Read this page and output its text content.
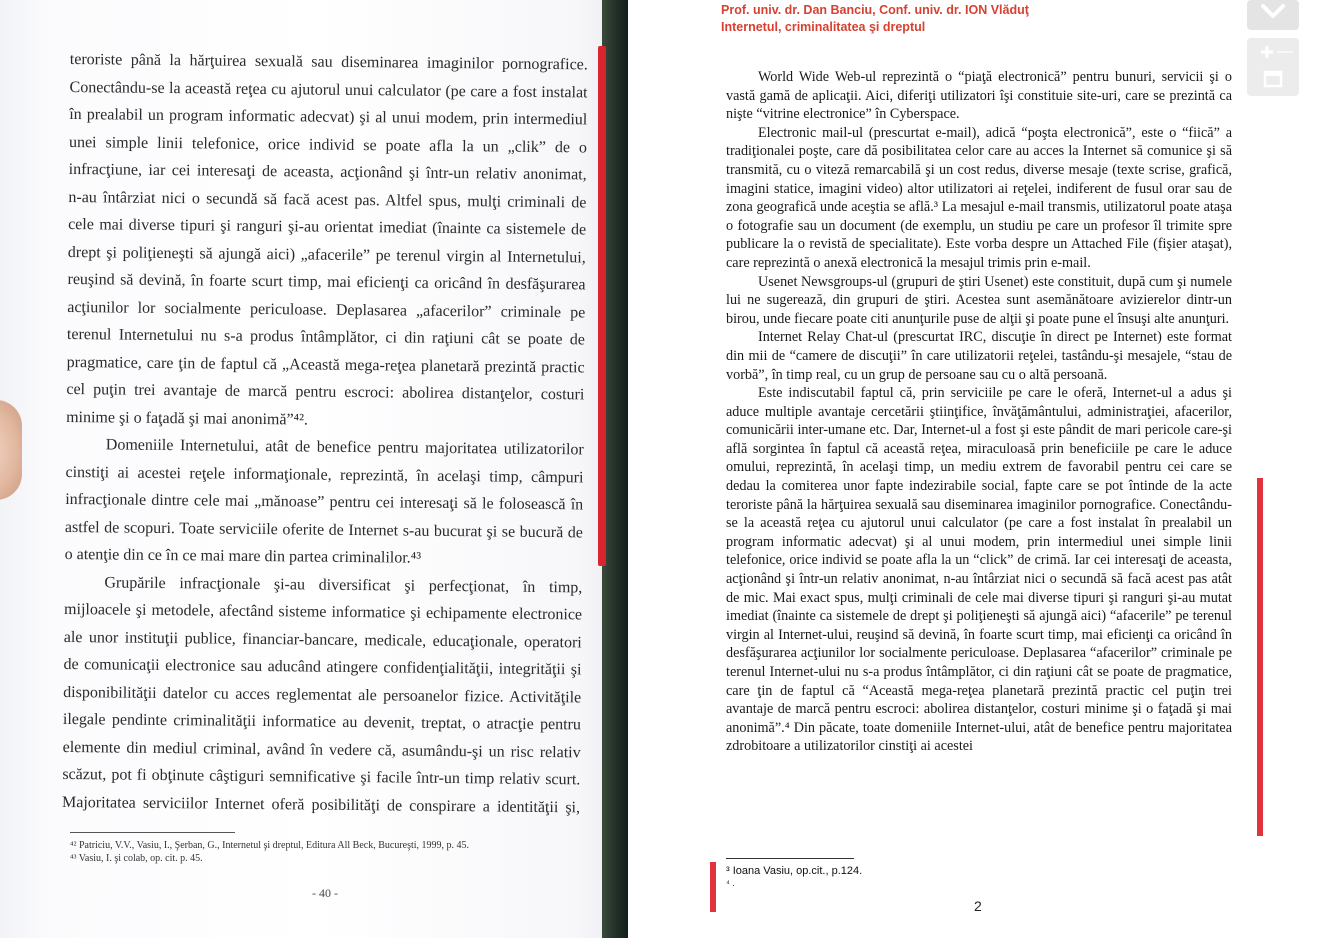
teroriste până la hărţuirea sexuală sau diseminarea imaginilor pornografice.

Conectându-se la această reţea cu ajutorul unui calculator (pe care a fost instalat

în prealabil un program informatic adecvat) şi al unui modem, prin intermediul

unei simple linii telefonice, orice individ se poate afla la un „clik” de o

infracţiune, iar cei interesaţi de aceasta, acţionând şi într-un relativ anonimat,

n-au întârziat nici o secundă să facă acest pas. Altfel spus, mulţi criminali de

cele mai diverse tipuri şi ranguri şi-au orientat imediat (înainte ca sistemele de

drept şi poliţieneşti să ajungă aici) „afacerile” pe terenul virgin al Internetului,

reuşind să devină, în foarte scurt timp, mai eficienţi ca oricând în desfăşurarea

acţiunilor lor socialmente periculoase. Deplasarea „afacerilor” criminale pe

terenul Internetului nu s-a produs întâmplător, ci din raţiuni cât se poate de

pragmatice, care ţin de faptul că „Această mega-reţea planetară prezintă practic

cel puţin trei avantaje de marcă pentru escroci: abolirea distanţelor, costuri

minime şi o faţadă şi mai anonimă”⁴².

Domeniile Internetului, atât de benefice pentru majoritatea utilizatorilor

cinstiţi ai acestei reţele informaţionale, reprezintă, în acelaşi timp, câmpuri

infracţionale dintre cele mai „mănoase” pentru cei interesaţi să le folosească în

astfel de scopuri. Toate serviciile oferite de Internet s-au bucurat şi se bucură de

o atenţie din ce în ce mai mare din partea criminalilor.⁴³

Grupările infracţionale şi-au diversificat şi perfecţionat, în timp,

mijloacele şi metodele, afectând sisteme informatice şi echipamente electronice

ale unor instituţii publice, financiar-bancare, medicale, educaţionale, operatori

de comunicaţii electronice sau aducând atingere confidenţialităţii, integrităţii şi

disponibilităţii datelor cu acces reglementat ale persoanelor fizice. Activităţile

ilegale pendinte criminalităţii informatice au devenit, treptat, o atracţie pentru

elemente din mediul criminal, având în vedere că, asumându-şi un risc relativ

scăzut, pot fi obţinute câştiguri semnificative şi facile într-un timp relativ scurt.

Majoritatea serviciilor Internet oferă posibilităţi de conspirare a identităţii şi,

⁴² Patriciu, V.V., Vasiu, I., Şerban, G., Internetul şi dreptul, Editura All Beck, Bucureşti, 1999, p. 45.
⁴³ Vasiu, I. şi colab, op. cit. p. 45.
- 40 -
Prof. univ. dr. Dan Banciu, Conf. univ. dr. ION Vlăduţ
Internetul, criminalitatea şi dreptul

World Wide Web-ul reprezintă o “piaţă electronică” pentru bunuri, servicii şi o vastă gamă de aplicaţii. Aici, diferiţi utilizatori îşi constituie site-uri, care se prezintă ca nişte “vitrine electronice” în Cyberspace.

Electronic mail-ul (prescurtat e-mail), adică “poşta electronică”, este o “fiică” a tradiţionalei poşte, care dă posibilitatea celor care au acces la Internet să comunice şi să transmită, cu o viteză remarcabilă şi un cost redus, diverse mesaje (texte scrise, grafică, imagini statice, imagini video) altor utilizatori ai reţelei, indiferent de fusul orar sau de zona geografică unde aceştia se află.³ La mesajul e-mail transmis, utilizatorul poate ataşa o fotografie sau un document (de exemplu, un studiu pe care un profesor îl trimite spre publicare la o revistă de specialitate). Este vorba despre un Attached File (fişier ataşat), care reprezintă o anexă electronică la mesajul trimis prin e-mail.

Usenet Newsgroups-ul (grupuri de ştiri Usenet) este constituit, după cum şi numele lui ne sugerează, din grupuri de ştiri. Acestea sunt asemănătoare avizierelor dintr-un birou, unde fiecare poate citi anunţurile puse de alţii şi poate pune el însuşi alte anunţuri.

Internet Relay Chat-ul (prescurtat IRC, discuţie în direct pe Internet) este format din mii de “camere de discuţii” în care utilizatorii reţelei, tastându-şi mesajele, “stau de vorbă”, în timp real, cu un grup de persoane sau cu o altă persoană.

Este indiscutabil faptul că, prin serviciile pe care le oferă, Internet-ul a adus şi aduce multiple avantaje cercetării ştiinţifice, învăţământului, administraţiei, afacerilor, comunicării inter-umane etc. Dar, Internet-ul a fost şi este pândit de mari pericole care-şi află sorgintea în faptul că această reţea, miraculoasă prin beneficiile pe care le aduce omului, reprezintă, în acelaşi timp, un mediu extrem de favorabil pentru cei care se dedau la comiterea unor fapte indezirabile social, fapte care se pot întinde de la acte teroriste până la hărţuirea sexuală sau diseminarea imaginilor pornografice. Conectându-se la această reţea cu ajutorul unui calculator (pe care a fost instalat în prealabil un program informatic adecvat) şi al unui modem, prin intermediul unei simple linii telefonice, orice individ se poate afla la un “click” de crimă. Iar cei interesaţi de aceasta, acţionând şi într-un relativ anonimat, n-au întârziat nici o secundă să facă acest pas atât de mic. Mai exact spus, mulţi criminali de cele mai diverse tipuri şi ranguri şi-au mutat imediat (înainte ca sistemele de drept şi poliţieneşti să ajungă aici) “afacerile” pe terenul virgin al Internet-ului, reuşind să devină, în foarte scurt timp, mai eficienţi ca oricând în desfăşurarea acţiunilor lor socialmente periculoase. Deplasarea “afacerilor” criminale pe terenul Internet-ului nu s-a produs întâmplător, ci din raţiuni cât se poate de pragmatice, care ţin de faptul că “Această mega-reţea planetară prezintă practic cel puţin trei avantaje de marcă pentru escroci: abolirea distanţelor, costuri minime şi o faţadă şi mai anonimă”.⁴ Din păcate, toate domeniile Internet-ului, atât de benefice pentru majoritatea zdrobitoare a utilizatorilor cinstiţi ai acestei

³ Ioana Vasiu, op.cit., p.124.
⁴ .
2
